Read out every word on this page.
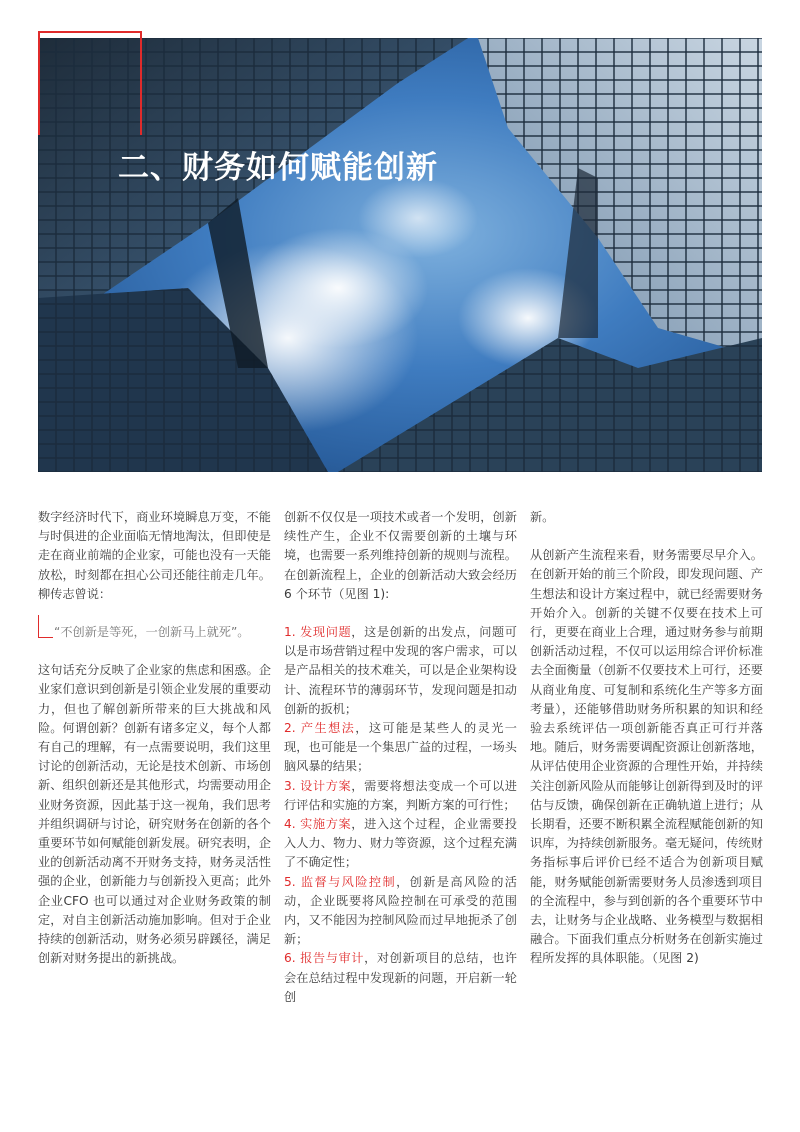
二、财务如何赋能创新

数字经济时代下，商业环境瞬息万变，不能与时俱进的企业面临无情地淘汰，但即使是走在商业前端的企业家，可能也没有一天能放松，时刻都在担心公司还能往前走几年。柳传志曾说：

“不创新是等死，一创新马上就死”。

这句话充分反映了企业家的焦虑和困惑。企业家们意识到创新是引领企业发展的重要动力，但也了解创新所带来的巨大挑战和风险。何谓创新？创新有诸多定义，每个人都有自己的理解，有一点需要说明，我们这里讨论的创新活动，无论是技术创新、市场创新、组织创新还是其他形式，均需要动用企业财务资源，因此基于这一视角，我们思考并组织调研与讨论，研究财务在创新的各个重要环节如何赋能创新发展。研究表明，企业的创新活动离不开财务支持，财务灵活性强的企业，创新能力与创新投入更高；此外企业CFO 也可以通过对企业财务政策的制定，对自主创新活动施加影响。但对于企业持续的创新活动，财务必须另辟蹊径，满足创新对财务提出的新挑战。

创新不仅仅是一项技术或者一个发明，创新续性产生，企业不仅需要创新的土壤与环境，也需要一系列维持创新的规则与流程。在创新流程上，企业的创新活动大致会经历 6 个环节（见图 1):

1. 发现问题，这是创新的出发点，问题可以是市场营销过程中发现的客户需求，可以是产品相关的技术难关，可以是企业架构设计、流程环节的薄弱环节，发现问题是扣动创新的扳机；

2. 产生想法，这可能是某些人的灵光一现，也可能是一个集思广益的过程，一场头脑风暴的结果；

3. 设计方案，需要将想法变成一个可以进行评估和实施的方案，判断方案的可行性；

4. 实施方案，进入这个过程，企业需要投入人力、物力、财力等资源，这个过程充满了不确定性；

5. 监督与风险控制，创新是高风险的活动，企业既要将风险控制在可承受的范围内，又不能因为控制风险而过早地扼杀了创新；

6. 报告与审计，对创新项目的总结，也许会在总结过程中发现新的问题，开启新一轮创

新。

从创新产生流程来看，财务需要尽早介入。在创新开始的前三个阶段，即发现问题、产生想法和设计方案过程中，就已经需要财务开始介入。创新的关键不仅要在技术上可行，更要在商业上合理，通过财务参与前期创新活动过程，不仅可以运用综合评价标准去全面衡量（创新不仅要技术上可行，还要从商业角度、可复制和系统化生产等多方面考量），还能够借助财务所积累的知识和经验去系统评估一项创新能否真正可行并落地。随后，财务需要调配资源让创新落地，从评估使用企业资源的合理性开始，并持续关注创新风险从而能够让创新得到及时的评估与反馈，确保创新在正确轨道上进行；从长期看，还要不断积累全流程赋能创新的知识库，为持续创新服务。毫无疑问，传统财务指标事后评价已经不适合为创新项目赋能，财务赋能创新需要财务人员渗透到项目的全流程中，参与到创新的各个重要环节中去，让财务与企业战略、业务模型与数据相融合。下面我们重点分析财务在创新实施过程所发挥的具体职能。（见图 2)
